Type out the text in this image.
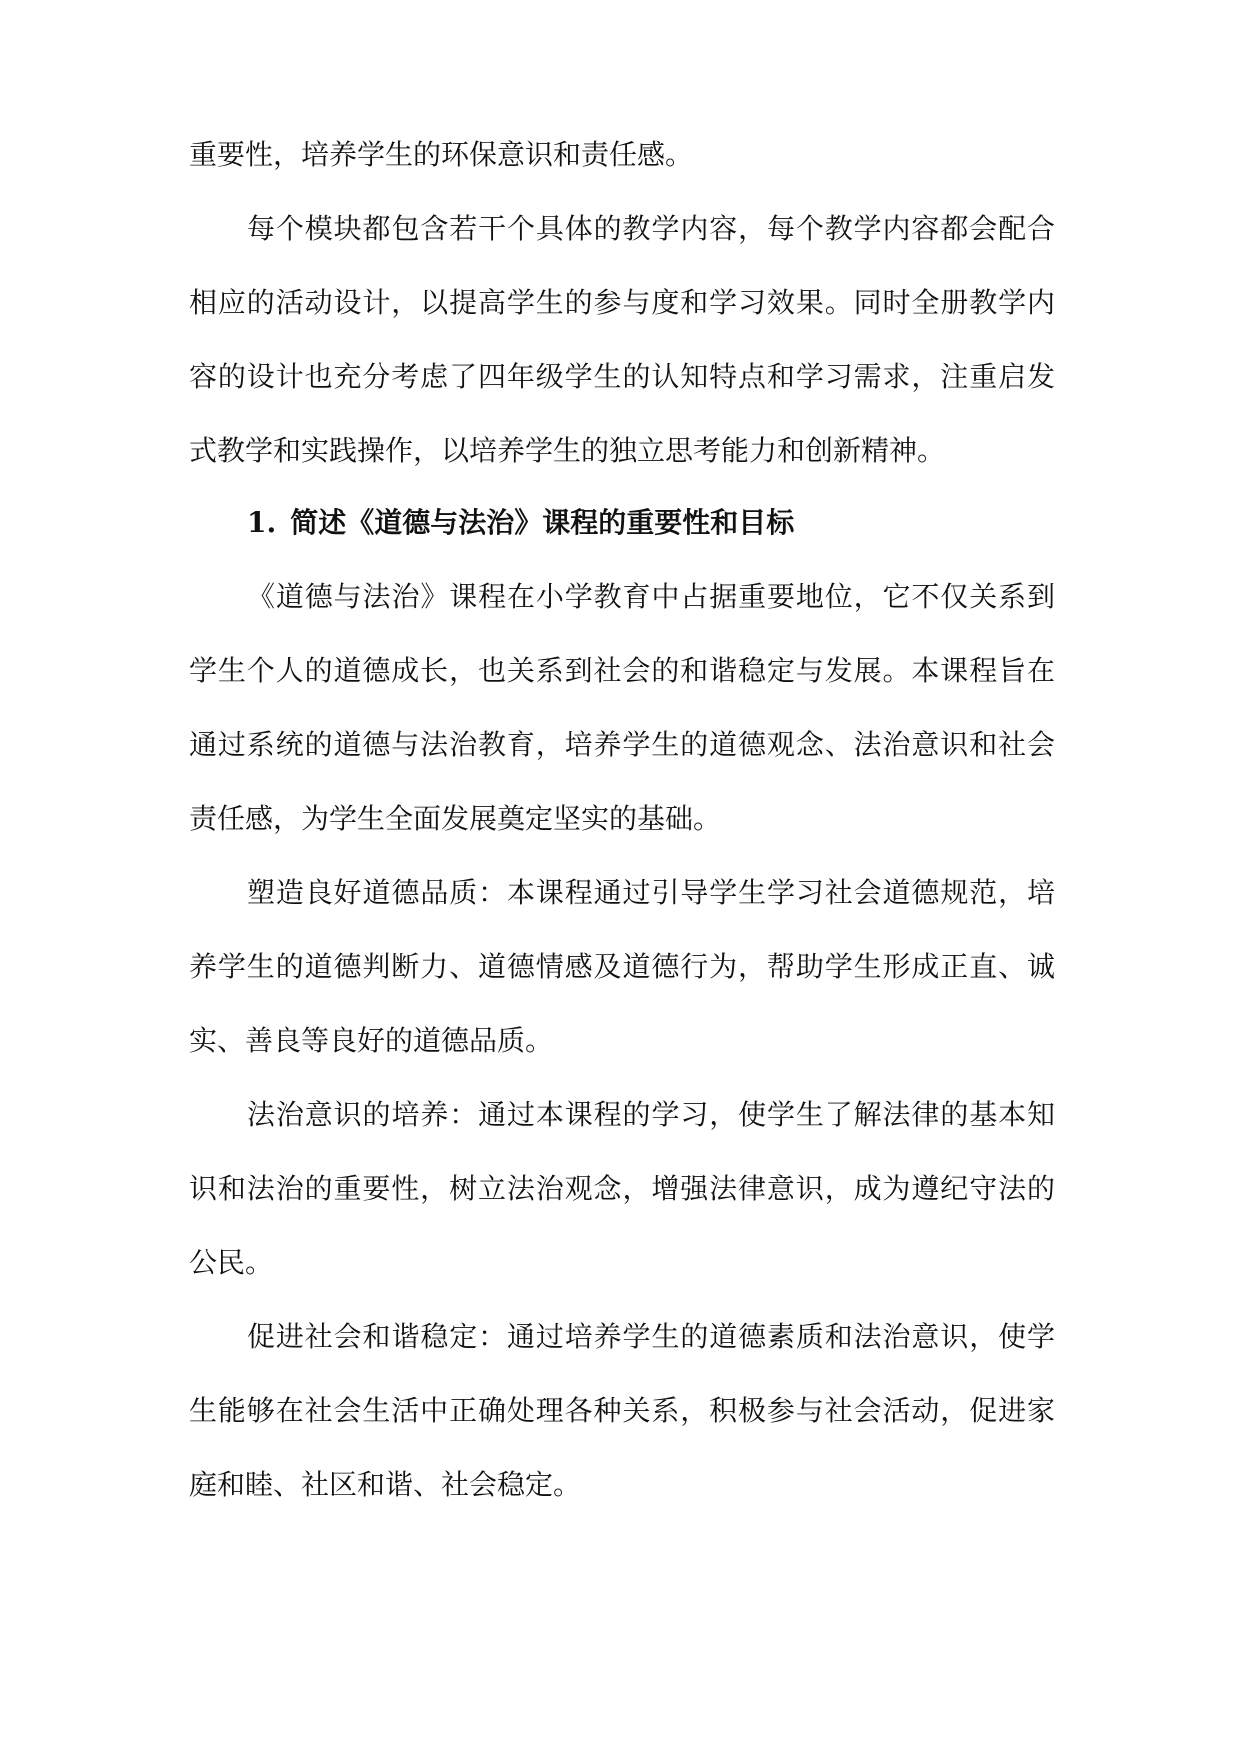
重要性，培养学生的环保意识和责任感。

每个模块都包含若干个具体的教学内容，每个教学内容都会配合相应的活动设计，以提高学生的参与度和学习效果。同时全册教学内容的设计也充分考虑了四年级学生的认知特点和学习需求，注重启发式教学和实践操作，以培养学生的独立思考能力和创新精神。

1. 简述《道德与法治》课程的重要性和目标

《道德与法治》课程在小学教育中占据重要地位，它不仅关系到学生个人的道德成长，也关系到社会的和谐稳定与发展。本课程旨在通过系统的道德与法治教育，培养学生的道德观念、法治意识和社会责任感，为学生全面发展奠定坚实的基础。

塑造良好道德品质：本课程通过引导学生学习社会道德规范，培养学生的道德判断力、道德情感及道德行为，帮助学生形成正直、诚实、善良等良好的道德品质。

法治意识的培养：通过本课程的学习，使学生了解法律的基本知识和法治的重要性，树立法治观念，增强法律意识，成为遵纪守法的公民。

促进社会和谐稳定：通过培养学生的道德素质和法治意识，使学生能够在社会生活中正确处理各种关系，积极参与社会活动，促进家庭和睦、社区和谐、社会稳定。
